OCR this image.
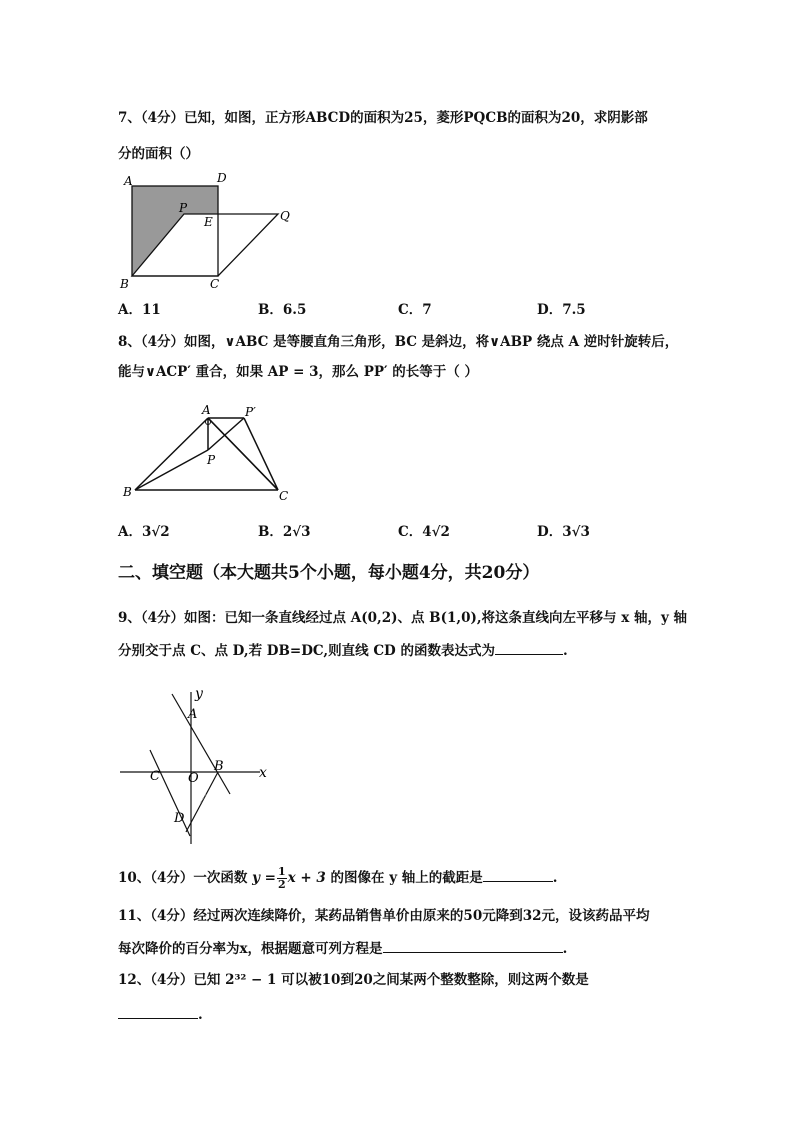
7、（4分）已知，如图，正方形ABCD的面积为25，菱形PQCB的面积为20，求阴影部
分的面积（）
A	D
P
E	Q
B	C
A．11	B．6.5	C．7	D．7.5
8、（4分）如图，∨ABC 是等腰直角三角形，BC 是斜边，将∨ABP 绕点 A 逆时针旋转后，
能与∨ACP′ 重合，如果 AP = 3，那么 PP′ 的长等于（ ）
A	P′
P
B	C
A．3√2	B．2√3	C．4√2	D．3√3
二、填空题（本大题共5个小题，每小题4分，共20分）
9、（4分）如图：已知一条直线经过点 A(0,2)、点 B(1,0),将这条直线向左平移与 x 轴，y 轴
分别交于点 C、点 D,若 DB=DC,则直线 CD 的函数表达式为	.
y
A
C O
B	x
D
10、（4分）一次函数 $y = \frac{1}{2}$ x + 3 的图像在 y 轴上的截距是	.
11、（4分）经过两次连续降价，某药品销售单价由原来的50元降到32元，设该药品平均
每次降价的百分率为x，根据题意可列方程是	.
12、（4分）已知 2³² − 1 可以被10到20之间某两个整数整除，则这两个数是
.
